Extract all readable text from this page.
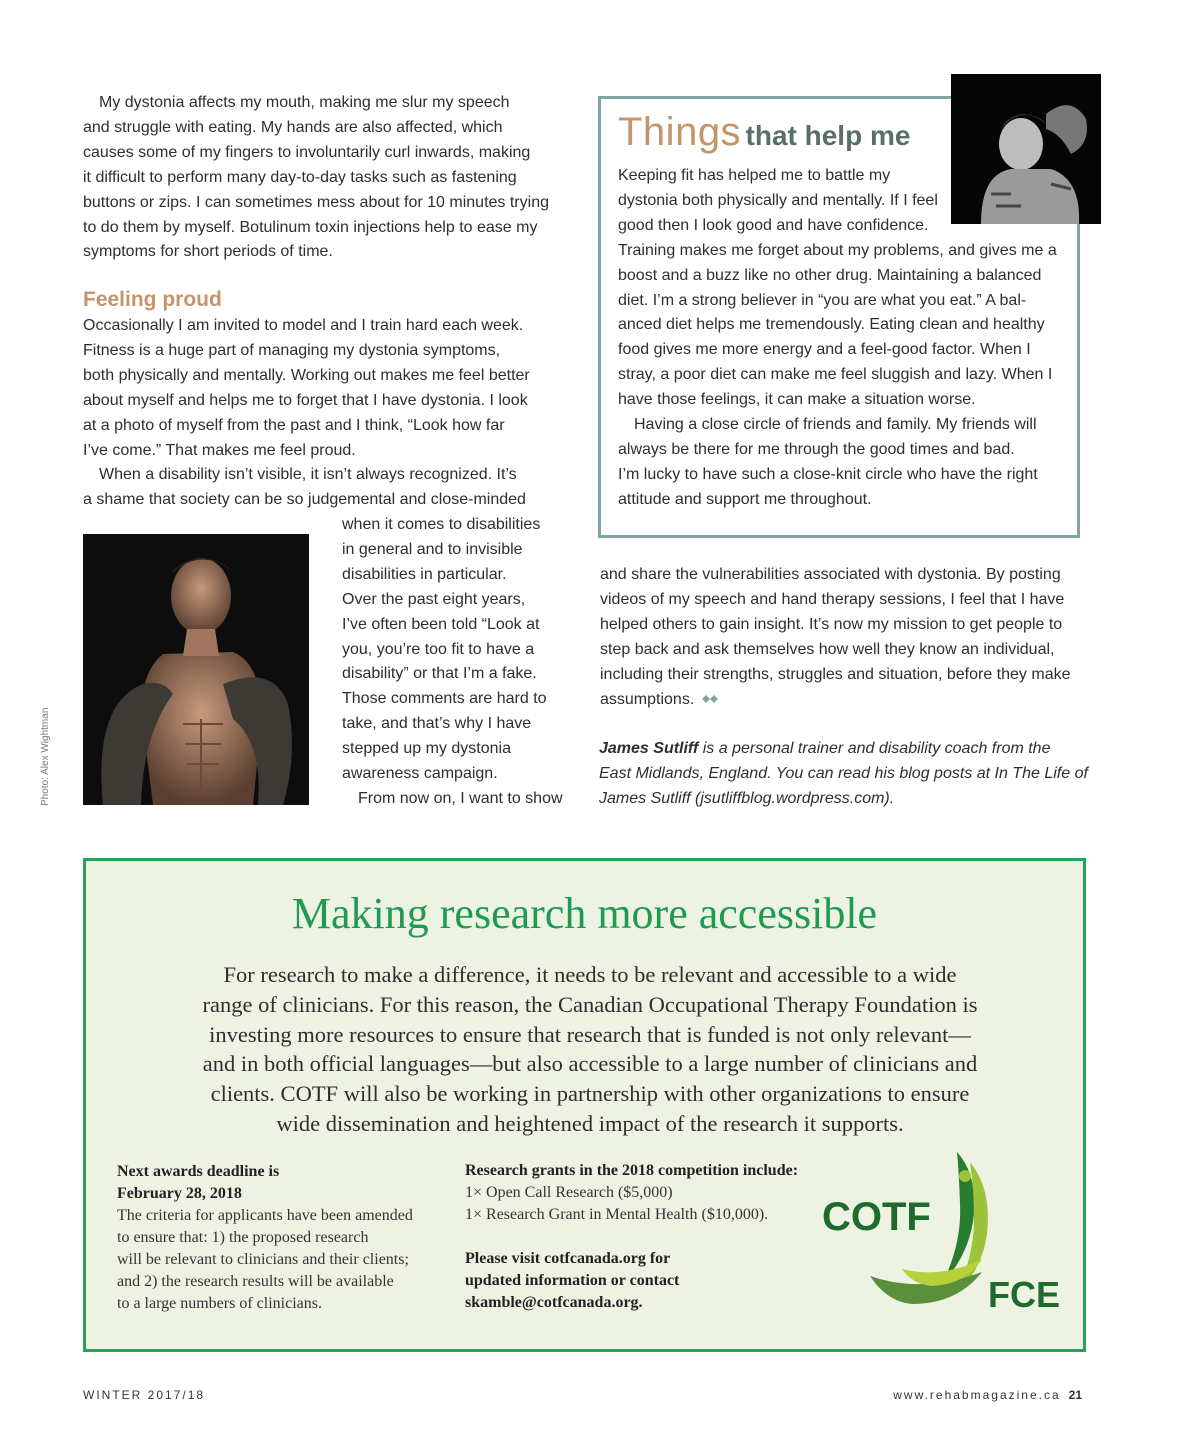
My dystonia affects my mouth, making me slur my speech

and struggle with eating. My hands are also affected, which

causes some of my fingers to involuntarily curl inwards, making

it difficult to perform many day-to-day tasks such as fastening

buttons or zips. I can sometimes mess about for 10 minutes trying

to do them by myself. Botulinum toxin injections help to ease my

symptoms for short periods of time.

Feeling proud

Occasionally I am invited to model and I train hard each week.

Fitness is a huge part of managing my dystonia symptoms,

both physically and mentally. Working out makes me feel better

about myself and helps me to forget that I have dystonia. I look

at a photo of myself from the past and I think, “Look how far

I’ve come.” That makes me feel proud.

When a disability isn’t visible, it isn’t always recognized. It’s

a shame that society can be so judgemental and close-minded

when it comes to disabilities

in general and to invisible

disabilities in particular.

Over the past eight years,

I’ve often been told “Look at

you, you’re too fit to have a

disability” or that I’m a fake.

Those comments are hard to

take, and that’s why I have

stepped up my dystonia

awareness campaign.

From now on, I want to show

Photo: Alex Wightman
Things that help me

Keeping fit has helped me to battle my

dystonia both physically and mentally. If I feel

good then I look good and have confidence.

Training makes me forget about my problems, and gives me a

boost and a buzz like no other drug. Maintaining a balanced

diet. I’m a strong believer in “you are what you eat.” A bal-

anced diet helps me tremendously. Eating clean and healthy

food gives me more energy and a feel-good factor. When I

stray, a poor diet can make me feel sluggish and lazy. When I

have those feelings, it can make a situation worse.

Having a close circle of friends and family. My friends will

always be there for me through the good times and bad.

I’m lucky to have such a close-knit circle who have the right

attitude and support me throughout.

and share the vulnerabilities associated with dystonia. By posting

videos of my speech and hand therapy sessions, I feel that I have

helped others to gain insight. It’s now my mission to get people to

step back and ask themselves how well they know an individual,

including their strengths, struggles and situation, before they make

assumptions.

James Sutliff is a personal trainer and disability coach from the
East Midlands, England. You can read his blog posts at In The Life of
James Sutliff (jsutliffblog.wordpress.com).
Making research more accessible
For research to make a difference, it needs to be relevant and accessible to a wide
range of clinicians. For this reason, the Canadian Occupational Therapy Foundation is
investing more resources to ensure that research that is funded is not only relevant—
and in both official languages—but also accessible to a large number of clinicians and
clients. COTF will also be working in partnership with other organizations to ensure
wide dissemination and heightened impact of the research it supports.
Next awards deadline is
February 28, 2018
The criteria for applicants have been amended
to ensure that: 1) the proposed research
will be relevant to clinicians and their clients;
and 2) the research results will be available
to a large numbers of clinicians.
Research grants in the 2018 competition include:
1× Open Call Research ($5,000)
1× Research Grant in Mental Health ($10,000).
Please visit cotfcanada.org for
updated information or contact
skamble@cotfcanada.org.
COTF
FCE
WINTER 2017/18	www.rehabmagazine.ca 21
